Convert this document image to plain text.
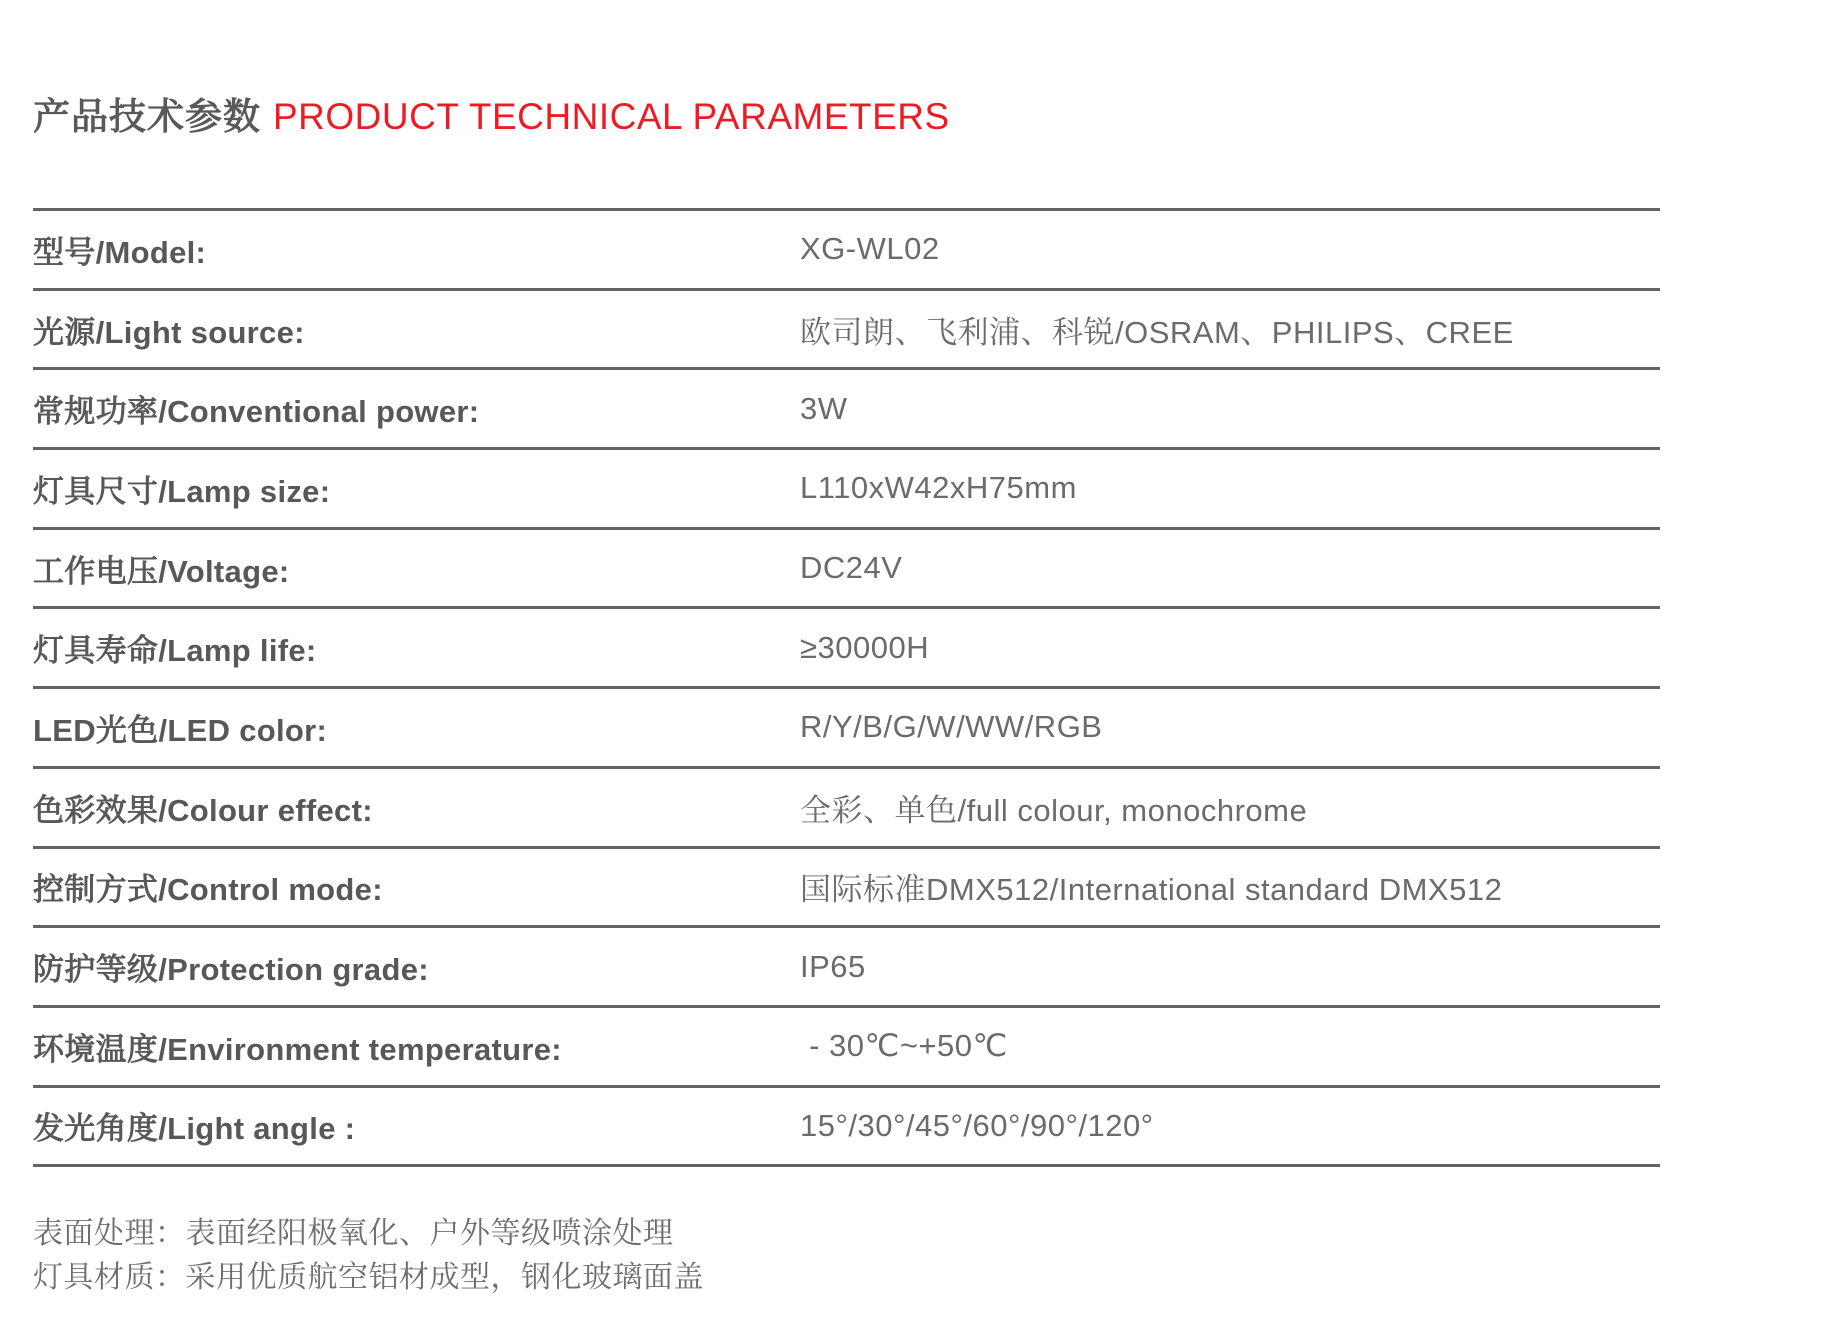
产品技术参数 PRODUCT TECHNICAL PARAMETERS
型号/Model:	XG-WL02
光源/Light source:	欧司朗、飞利浦、科锐/OSRAM、PHILIPS、CREE
常规功率/Conventional power:	3W
灯具尺寸/Lamp size:	L110xW42xH75mm
工作电压/Voltage:	DC24V
灯具寿命/Lamp life:	≥30000H
LED光色/LED color:	R/Y/B/G/W/WW/RGB
色彩效果/Colour effect:	全彩、单色/full colour, monochrome
控制方式/Control mode:	国际标准DMX512/International standard DMX512
防护等级/Protection grade:	IP65
环境温度/Environment temperature:	- 30℃~+50℃
发光角度/Light angle :	15°/30°/45°/60°/90°/120°
表面处理：表面经阳极氧化、户外等级喷涂处理
灯具材质：采用优质航空铝材成型，钢化玻璃面盖
